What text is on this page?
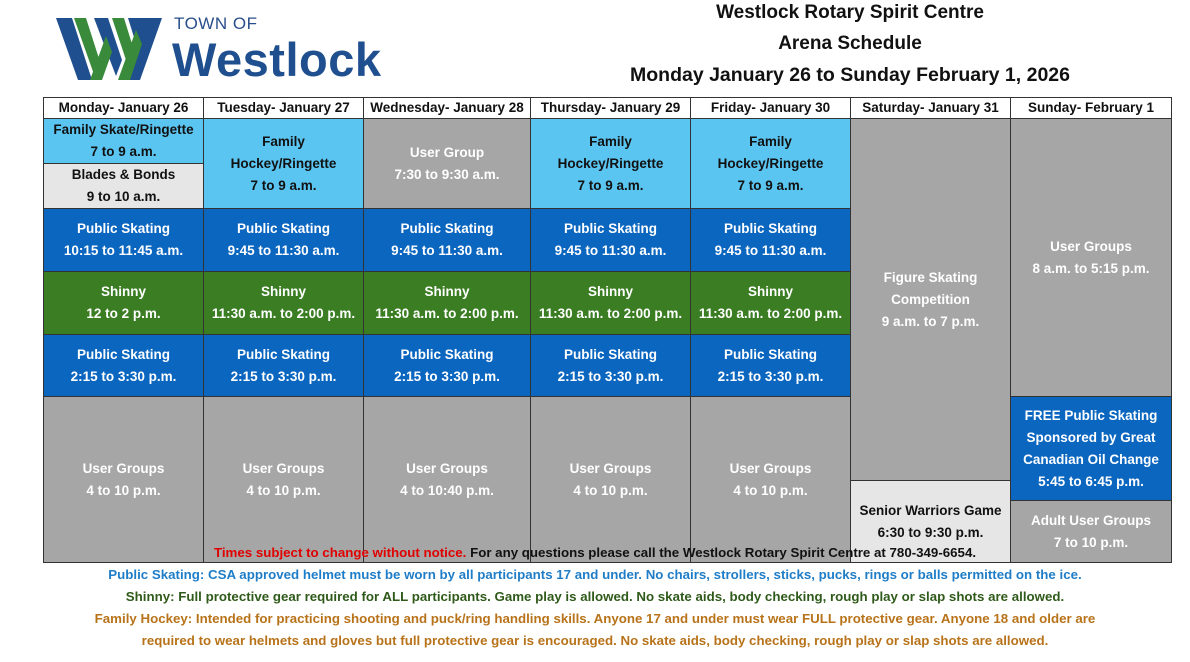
TOWN OF
Westlock
Westlock Rotary Spirit Centre
Arena Schedule
Monday January 26 to Sunday February 1, 2026
Monday- January 26	Tuesday- January 27	Wednesday- January 28	Thursday- January 29	Friday- January 30	Saturday- January 31	Sunday- February 1

Family Skate/Ringette
7 to 9 a.m.	Family
Hockey/Ringette
7 to 9 a.m.	User Group
7:30 to 9:30 a.m.	Family
Hockey/Ringette
7 to 9 a.m.	Family
Hockey/Ringette
7 to 9 a.m.	Figure Skating
Competition
9 a.m. to 7 p.m.	User Groups
8 a.m. to 5:15 p.m.

Blades & Bonds
9 to 10 a.m.						

Public Skating
10:15 to 11:45 a.m.	Public Skating
9:45 to 11:30 a.m.	Public Skating
9:45 to 11:30 a.m.	Public Skating
9:45 to 11:30 a.m.	Public Skating
9:45 to 11:30 a.m.		

Shinny
12 to 2 p.m.	Shinny
11:30 a.m. to 2:00 p.m.	Shinny
11:30 a.m. to 2:00 p.m.	Shinny
11:30 a.m. to 2:00 p.m.	Shinny
11:30 a.m. to 2:00 p.m.		

Public Skating
2:15 to 3:30 p.m.	Public Skating
2:15 to 3:30 p.m.	Public Skating
2:15 to 3:30 p.m.	Public Skating
2:15 to 3:30 p.m.	Public Skating
2:15 to 3:30 p.m.		

User Groups
4 to 10 p.m.	User Groups
4 to 10 p.m.	User Groups
4 to 10:40 p.m.	User Groups
4 to 10 p.m.	User Groups
4 to 10 p.m.		FREE Public Skating
Sponsored by Great
Canadian Oil Change
5:45 to 6:45 p.m.

					Senior Warriors Game
6:30 to 9:30 p.m.	

						Adult User Groups
7 to 10 p.m.
Times subject to change without notice. For any questions please call the Westlock Rotary Spirit Centre at 780-349-6654.
Public Skating: CSA approved helmet must be worn by all participants 17 and under. No chairs, strollers, sticks, pucks, rings or balls permitted on the ice.
Shinny: Full protective gear required for ALL participants. Game play is allowed. No skate aids, body checking, rough play or slap shots are allowed.
Family Hockey: Intended for practicing shooting and puck/ring handling skills. Anyone 17 and under must wear FULL protective gear. Anyone 18 and older are
required to wear helmets and gloves but full protective gear is encouraged. No skate aids, body checking, rough play or slap shots are allowed.
